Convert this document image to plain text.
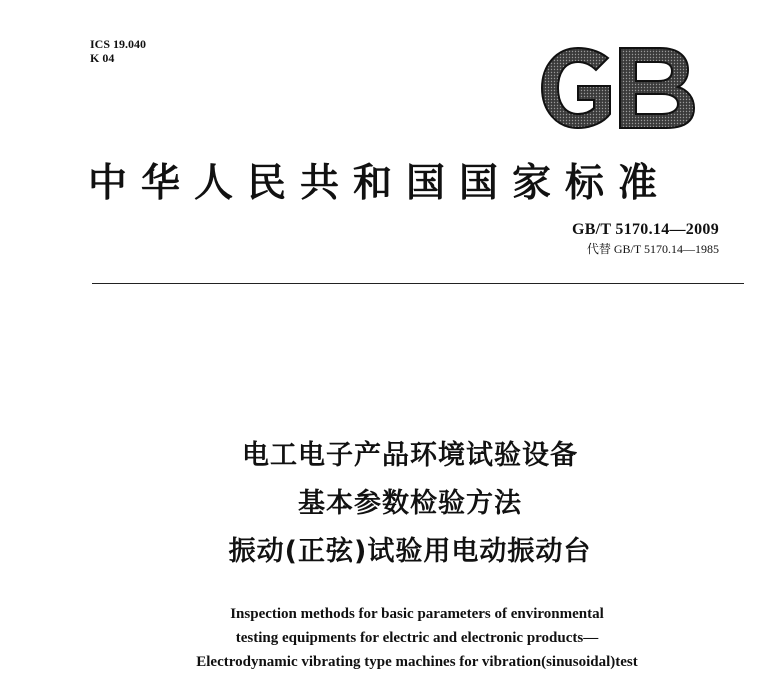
ICS 19.040
K 04
中华人民共和国国家标准
GB/T 5170.14—2009
代替 GB/T 5170.14—1985
电工电子产品环境试验设备
基本参数检验方法
振动(正弦)试验用电动振动台
Inspection methods for basic parameters of environmental
testing equipments for electric and electronic products—
Electrodynamic vibrating type machines for vibration(sinusoidal)test
